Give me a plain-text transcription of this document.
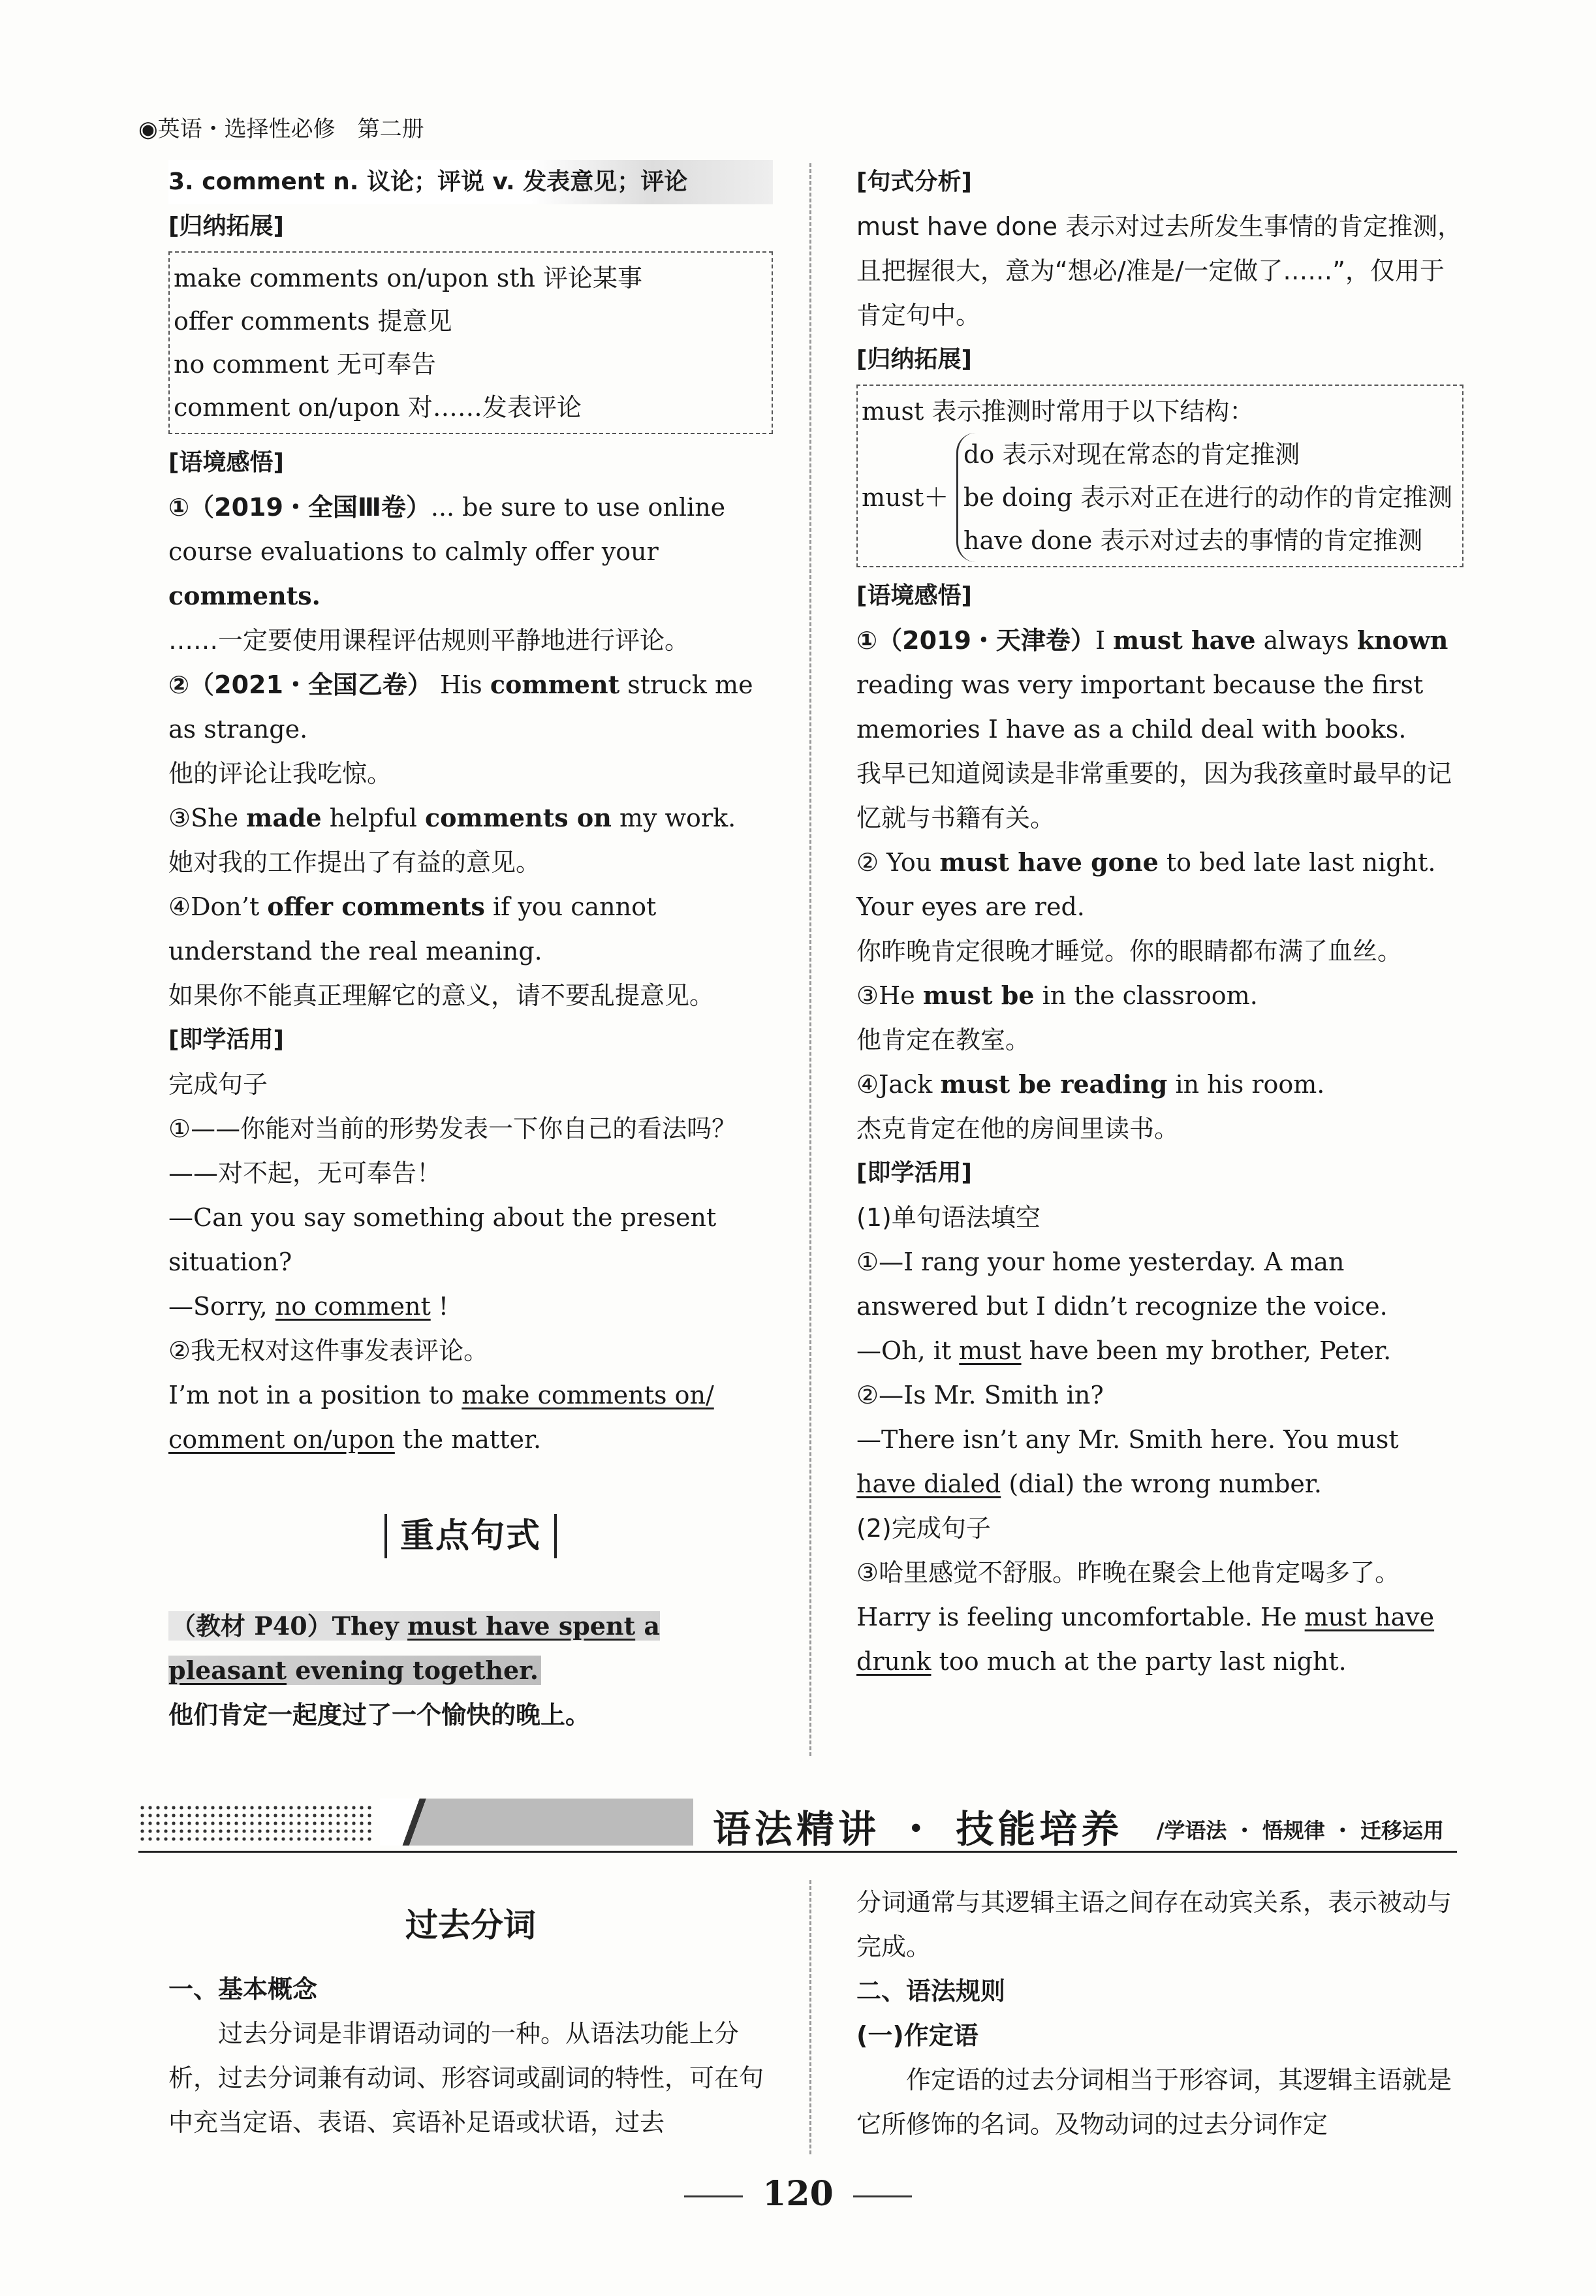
◉英语・选择性必修　第二册
3. comment n. 议论；评说 v. 发表意见；评论
[归纳拓展]
make comments on/upon sth 评论某事
offer comments 提意见
no comment 无可奉告
comment on/upon 对……发表评论
[语境感悟]
①（2019・全国Ⅲ卷）... be sure to use online course evaluations to calmly offer your comments.
……一定要使用课程评估规则平静地进行评论。
②（2021・全国乙卷） His comment struck me as strange.
他的评论让我吃惊。
③She made helpful comments on my work.
她对我的工作提出了有益的意见。
④Don’t offer comments if you cannot understand the real meaning.
如果你不能真正理解它的意义，请不要乱提意见。
[即学活用]
完成句子
①——你能对当前的形势发表一下你自己的看法吗？
——对不起，无可奉告！
—Can you say something about the present situation?
—Sorry, no comment !
②我无权对这件事发表评论。
I’m not in a position to make comments on/ comment on/upon the matter.
重点句式
（教材 P40）They must have spent a pleasant evening together.
他们肯定一起度过了一个愉快的晚上。
[句式分析]
must have done 表示对过去所发生事情的肯定推测，且把握很大，意为“想必/准是/一定做了……”，仅用于肯定句中。
[归纳拓展]
must 表示推测时常用于以下结构：
must＋
do 表示对现在常态的肯定推测
be doing 表示对正在进行的动作的肯定推测
have done 表示对过去的事情的肯定推测
[语境感悟]
①（2019・天津卷）I must have always known reading was very important because the first memories I have as a child deal with books.
我早已知道阅读是非常重要的，因为我孩童时最早的记忆就与书籍有关。
② You must have gone to bed late last night. Your eyes are red.
你昨晚肯定很晚才睡觉。你的眼睛都布满了血丝。
③He must be in the classroom.
他肯定在教室。
④Jack must be reading in his room.
杰克肯定在他的房间里读书。
[即学活用]
(1)单句语法填空
①—I rang your home yesterday. A man answered but I didn’t recognize the voice.
—Oh, it must have been my brother, Peter.
②—Is Mr. Smith in?
—There isn’t any Mr. Smith here. You must have dialed (dial) the wrong number.
(2)完成句子
③哈里感觉不舒服。昨晚在聚会上他肯定喝多了。
Harry is feeling uncomfortable. He must have drunk too much at the party last night.
语法精讲 ・ 技能培养 /学语法 ・ 悟规律 ・ 迁移运用
过去分词
一、基本概念
过去分词是非谓语动词的一种。从语法功能上分析，过去分词兼有动词、形容词或副词的特性，可在句中充当定语、表语、宾语补足语或状语，过去
分词通常与其逻辑主语之间存在动宾关系，表示被动与完成。
二、语法规则
(一)作定语
作定语的过去分词相当于形容词，其逻辑主语就是它所修饰的名词。及物动词的过去分词作定
120
